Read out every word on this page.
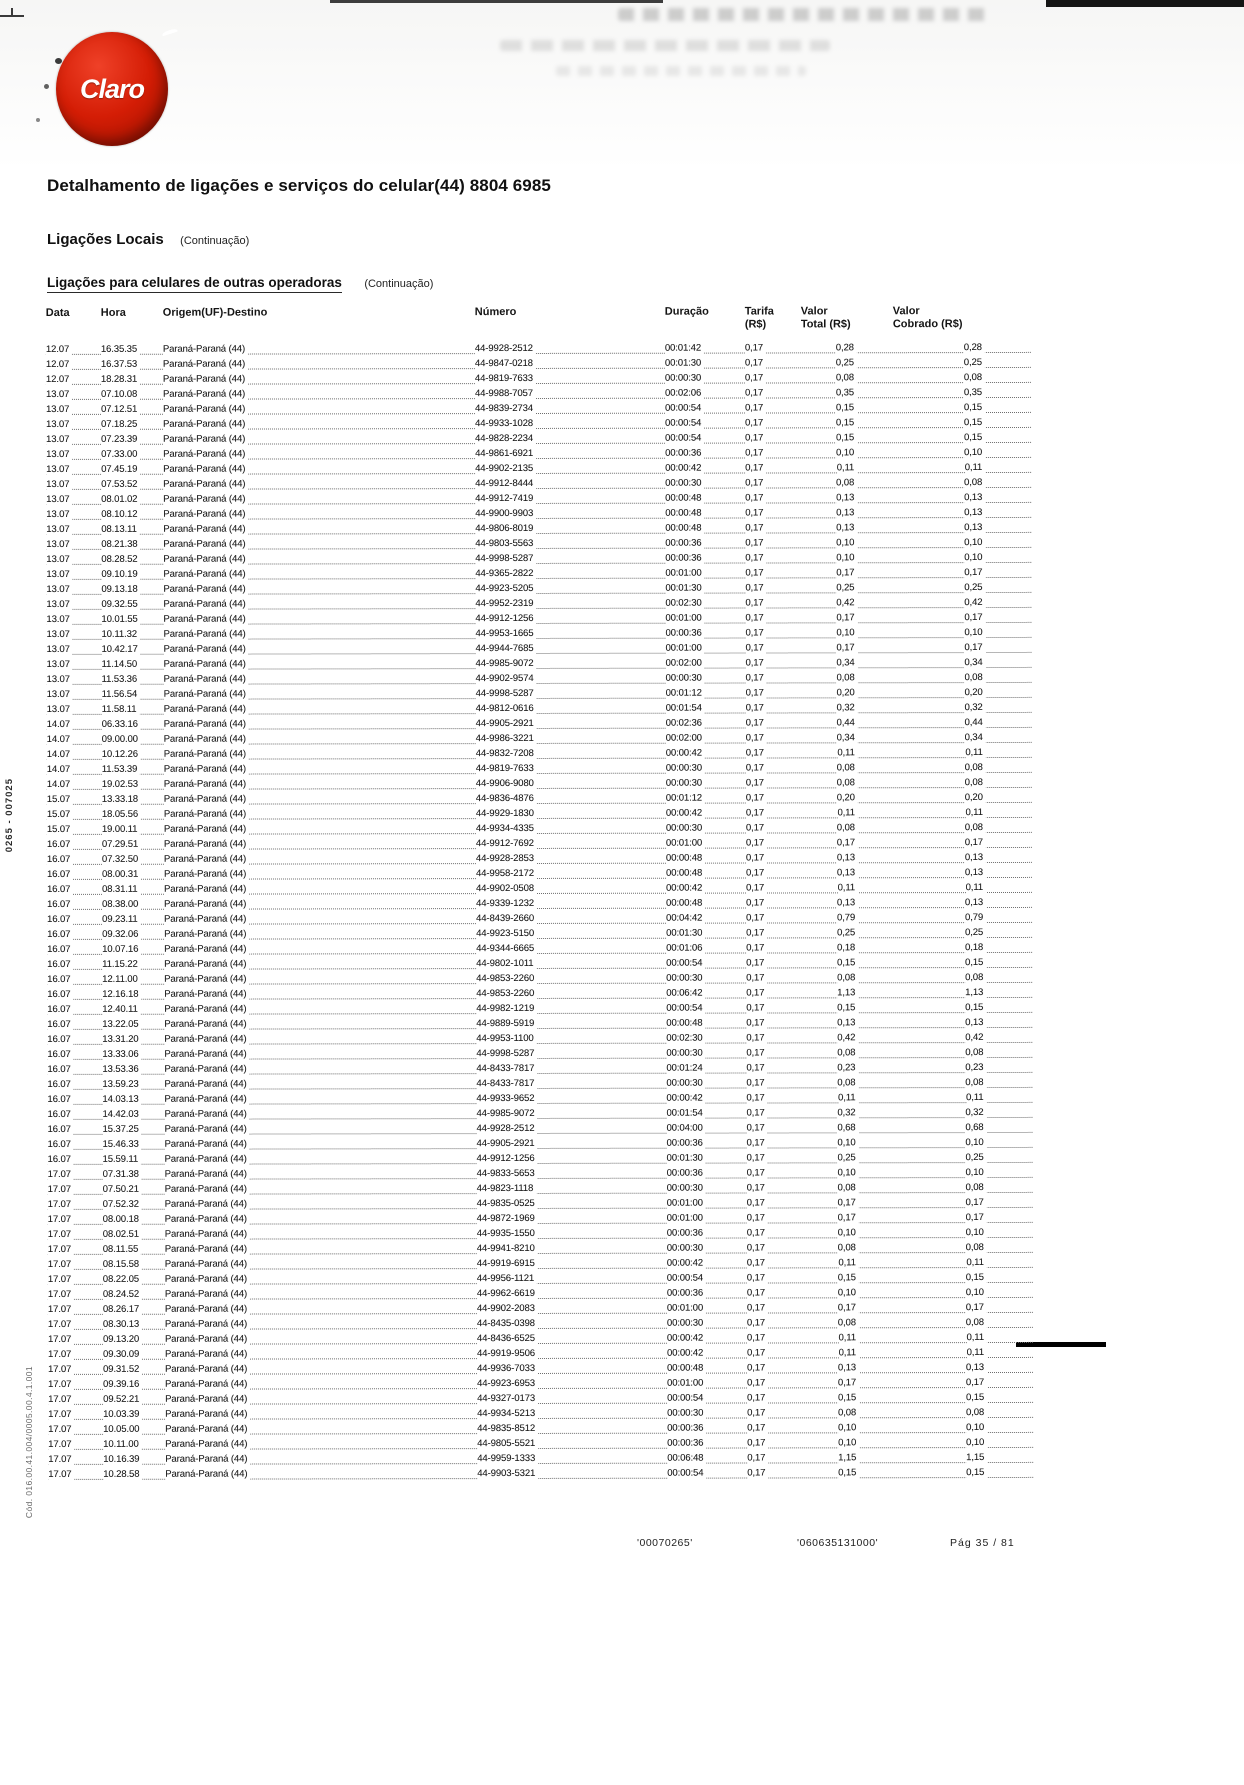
Claro
Detalhamento de ligações e serviços do celular(44) 8804 6985
Ligações Locais (Continuação)
Ligações para celulares de outras operadoras (Continuação)
Data	Hora	Origem(UF)-Destino	Número	Duração	Tarifa
(R$)
Valor
Total (R$)
Valor
Cobrado (R$)
12.07	16.35.35	Paraná-Paraná (44)	44-9928-2512	00:01:42	0,17	0,28	0,28
12.07	16.37.53	Paraná-Paraná (44)	44-9847-0218	00:01:30	0,17	0,25	0,25
12.07	18.28.31	Paraná-Paraná (44)	44-9819-7633	00:00:30	0,17	0,08	0,08
13.07	07.10.08	Paraná-Paraná (44)	44-9988-7057	00:02:06	0,17	0,35	0,35
13.07	07.12.51	Paraná-Paraná (44)	44-9839-2734	00:00:54	0,17	0,15	0,15
13.07	07.18.25	Paraná-Paraná (44)	44-9933-1028	00:00:54	0,17	0,15	0,15
13.07	07.23.39	Paraná-Paraná (44)	44-9828-2234	00:00:54	0,17	0,15	0,15
13.07	07.33.00	Paraná-Paraná (44)	44-9861-6921	00:00:36	0,17	0,10	0,10
13.07	07.45.19	Paraná-Paraná (44)	44-9902-2135	00:00:42	0,17	0,11	0,11
13.07	07.53.52	Paraná-Paraná (44)	44-9912-8444	00:00:30	0,17	0,08	0,08
13.07	08.01.02	Paraná-Paraná (44)	44-9912-7419	00:00:48	0,17	0,13	0,13
13.07	08.10.12	Paraná-Paraná (44)	44-9900-9903	00:00:48	0,17	0,13	0,13
13.07	08.13.11	Paraná-Paraná (44)	44-9806-8019	00:00:48	0,17	0,13	0,13
13.07	08.21.38	Paraná-Paraná (44)	44-9803-5563	00:00:36	0,17	0,10	0,10
13.07	08.28.52	Paraná-Paraná (44)	44-9998-5287	00:00:36	0,17	0,10	0,10
13.07	09.10.19	Paraná-Paraná (44)	44-9365-2822	00:01:00	0,17	0,17	0,17
13.07	09.13.18	Paraná-Paraná (44)	44-9923-5205	00:01:30	0,17	0,25	0,25
13.07	09.32.55	Paraná-Paraná (44)	44-9952-2319	00:02:30	0,17	0,42	0,42
13.07	10.01.55	Paraná-Paraná (44)	44-9912-1256	00:01:00	0,17	0,17	0,17
13.07	10.11.32	Paraná-Paraná (44)	44-9953-1665	00:00:36	0,17	0,10	0,10
13.07	10.42.17	Paraná-Paraná (44)	44-9944-7685	00:01:00	0,17	0,17	0,17
13.07	11.14.50	Paraná-Paraná (44)	44-9985-9072	00:02:00	0,17	0,34	0,34
13.07	11.53.36	Paraná-Paraná (44)	44-9902-9574	00:00:30	0,17	0,08	0,08
13.07	11.56.54	Paraná-Paraná (44)	44-9998-5287	00:01:12	0,17	0,20	0,20
13.07	11.58.11	Paraná-Paraná (44)	44-9812-0616	00:01:54	0,17	0,32	0,32
14.07	06.33.16	Paraná-Paraná (44)	44-9905-2921	00:02:36	0,17	0,44	0,44
14.07	09.00.00	Paraná-Paraná (44)	44-9986-3221	00:02:00	0,17	0,34	0,34
14.07	10.12.26	Paraná-Paraná (44)	44-9832-7208	00:00:42	0,17	0,11	0,11
14.07	11.53.39	Paraná-Paraná (44)	44-9819-7633	00:00:30	0,17	0,08	0,08
14.07	19.02.53	Paraná-Paraná (44)	44-9906-9080	00:00:30	0,17	0,08	0,08
15.07	13.33.18	Paraná-Paraná (44)	44-9836-4876	00:01:12	0,17	0,20	0,20
15.07	18.05.56	Paraná-Paraná (44)	44-9929-1830	00:00:42	0,17	0,11	0,11
15.07	19.00.11	Paraná-Paraná (44)	44-9934-4335	00:00:30	0,17	0,08	0,08
16.07	07.29.51	Paraná-Paraná (44)	44-9912-7692	00:01:00	0,17	0,17	0,17
16.07	07.32.50	Paraná-Paraná (44)	44-9928-2853	00:00:48	0,17	0,13	0,13
16.07	08.00.31	Paraná-Paraná (44)	44-9958-2172	00:00:48	0,17	0,13	0,13
16.07	08.31.11	Paraná-Paraná (44)	44-9902-0508	00:00:42	0,17	0,11	0,11
16.07	08.38.00	Paraná-Paraná (44)	44-9339-1232	00:00:48	0,17	0,13	0,13
16.07	09.23.11	Paraná-Paraná (44)	44-8439-2660	00:04:42	0,17	0,79	0,79
16.07	09.32.06	Paraná-Paraná (44)	44-9923-5150	00:01:30	0,17	0,25	0,25
16.07	10.07.16	Paraná-Paraná (44)	44-9344-6665	00:01:06	0,17	0,18	0,18
16.07	11.15.22	Paraná-Paraná (44)	44-9802-1011	00:00:54	0,17	0,15	0,15
16.07	12.11.00	Paraná-Paraná (44)	44-9853-2260	00:00:30	0,17	0,08	0,08
16.07	12.16.18	Paraná-Paraná (44)	44-9853-2260	00:06:42	0,17	1,13	1,13
16.07	12.40.11	Paraná-Paraná (44)	44-9982-1219	00:00:54	0,17	0,15	0,15
16.07	13.22.05	Paraná-Paraná (44)	44-9889-5919	00:00:48	0,17	0,13	0,13
16.07	13.31.20	Paraná-Paraná (44)	44-9953-1100	00:02:30	0,17	0,42	0,42
16.07	13.33.06	Paraná-Paraná (44)	44-9998-5287	00:00:30	0,17	0,08	0,08
16.07	13.53.36	Paraná-Paraná (44)	44-8433-7817	00:01:24	0,17	0,23	0,23
16.07	13.59.23	Paraná-Paraná (44)	44-8433-7817	00:00:30	0,17	0,08	0,08
16.07	14.03.13	Paraná-Paraná (44)	44-9933-9652	00:00:42	0,17	0,11	0,11
16.07	14.42.03	Paraná-Paraná (44)	44-9985-9072	00:01:54	0,17	0,32	0,32
16.07	15.37.25	Paraná-Paraná (44)	44-9928-2512	00:04:00	0,17	0,68	0,68
16.07	15.46.33	Paraná-Paraná (44)	44-9905-2921	00:00:36	0,17	0,10	0,10
16.07	15.59.11	Paraná-Paraná (44)	44-9912-1256	00:01:30	0,17	0,25	0,25
17.07	07.31.38	Paraná-Paraná (44)	44-9833-5653	00:00:36	0,17	0,10	0,10
17.07	07.50.21	Paraná-Paraná (44)	44-9823-1118	00:00:30	0,17	0,08	0,08
17.07	07.52.32	Paraná-Paraná (44)	44-9835-0525	00:01:00	0,17	0,17	0,17
17.07	08.00.18	Paraná-Paraná (44)	44-9872-1969	00:01:00	0,17	0,17	0,17
17.07	08.02.51	Paraná-Paraná (44)	44-9935-1550	00:00:36	0,17	0,10	0,10
17.07	08.11.55	Paraná-Paraná (44)	44-9941-8210	00:00:30	0,17	0,08	0,08
17.07	08.15.58	Paraná-Paraná (44)	44-9919-6915	00:00:42	0,17	0,11	0,11
17.07	08.22.05	Paraná-Paraná (44)	44-9956-1121	00:00:54	0,17	0,15	0,15
17.07	08.24.52	Paraná-Paraná (44)	44-9962-6619	00:00:36	0,17	0,10	0,10
17.07	08.26.17	Paraná-Paraná (44)	44-9902-2083	00:01:00	0,17	0,17	0,17
17.07	08.30.13	Paraná-Paraná (44)	44-8435-0398	00:00:30	0,17	0,08	0,08
17.07	09.13.20	Paraná-Paraná (44)	44-8436-6525	00:00:42	0,17	0,11	0,11
17.07	09.30.09	Paraná-Paraná (44)	44-9919-9506	00:00:42	0,17	0,11	0,11
17.07	09.31.52	Paraná-Paraná (44)	44-9936-7033	00:00:48	0,17	0,13	0,13
17.07	09.39.16	Paraná-Paraná (44)	44-9923-6953	00:01:00	0,17	0,17	0,17
17.07	09.52.21	Paraná-Paraná (44)	44-9327-0173	00:00:54	0,17	0,15	0,15
17.07	10.03.39	Paraná-Paraná (44)	44-9934-5213	00:00:30	0,17	0,08	0,08
17.07	10.05.00	Paraná-Paraná (44)	44-9835-8512	00:00:36	0,17	0,10	0,10
17.07	10.11.00	Paraná-Paraná (44)	44-9805-5521	00:00:36	0,17	0,10	0,10
17.07	10.16.39	Paraná-Paraná (44)	44-9959-1333	00:06:48	0,17	1,15	1,15
17.07	10.28.58	Paraná-Paraná (44)	44-9903-5321	00:00:54	0,17	0,15	0,15
'00070265'	'060635131000'	Pág 35 / 81
0265 - 007025
Cód. 016.00.41.004/0005.00.4.1.001
